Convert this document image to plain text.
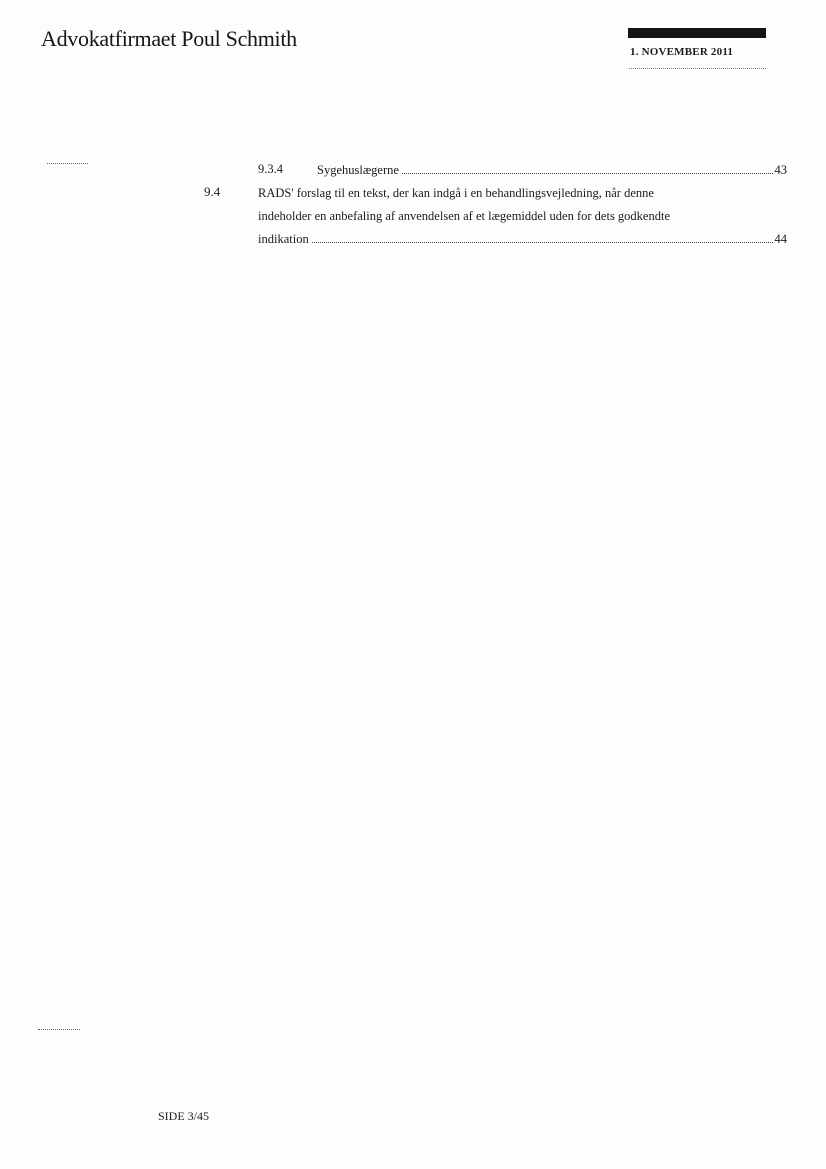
Advokatfirmaet Poul Schmith
1. NOVEMBER 2011
9.3.4	Sygehuslægerne	43
9.4	RADS' forslag til en tekst, der kan indgå i en behandlingsvejledning, når denne
indeholder en anbefaling af anvendelsen af et lægemiddel uden for dets godkendte
indikation	44
SIDE 3/45
